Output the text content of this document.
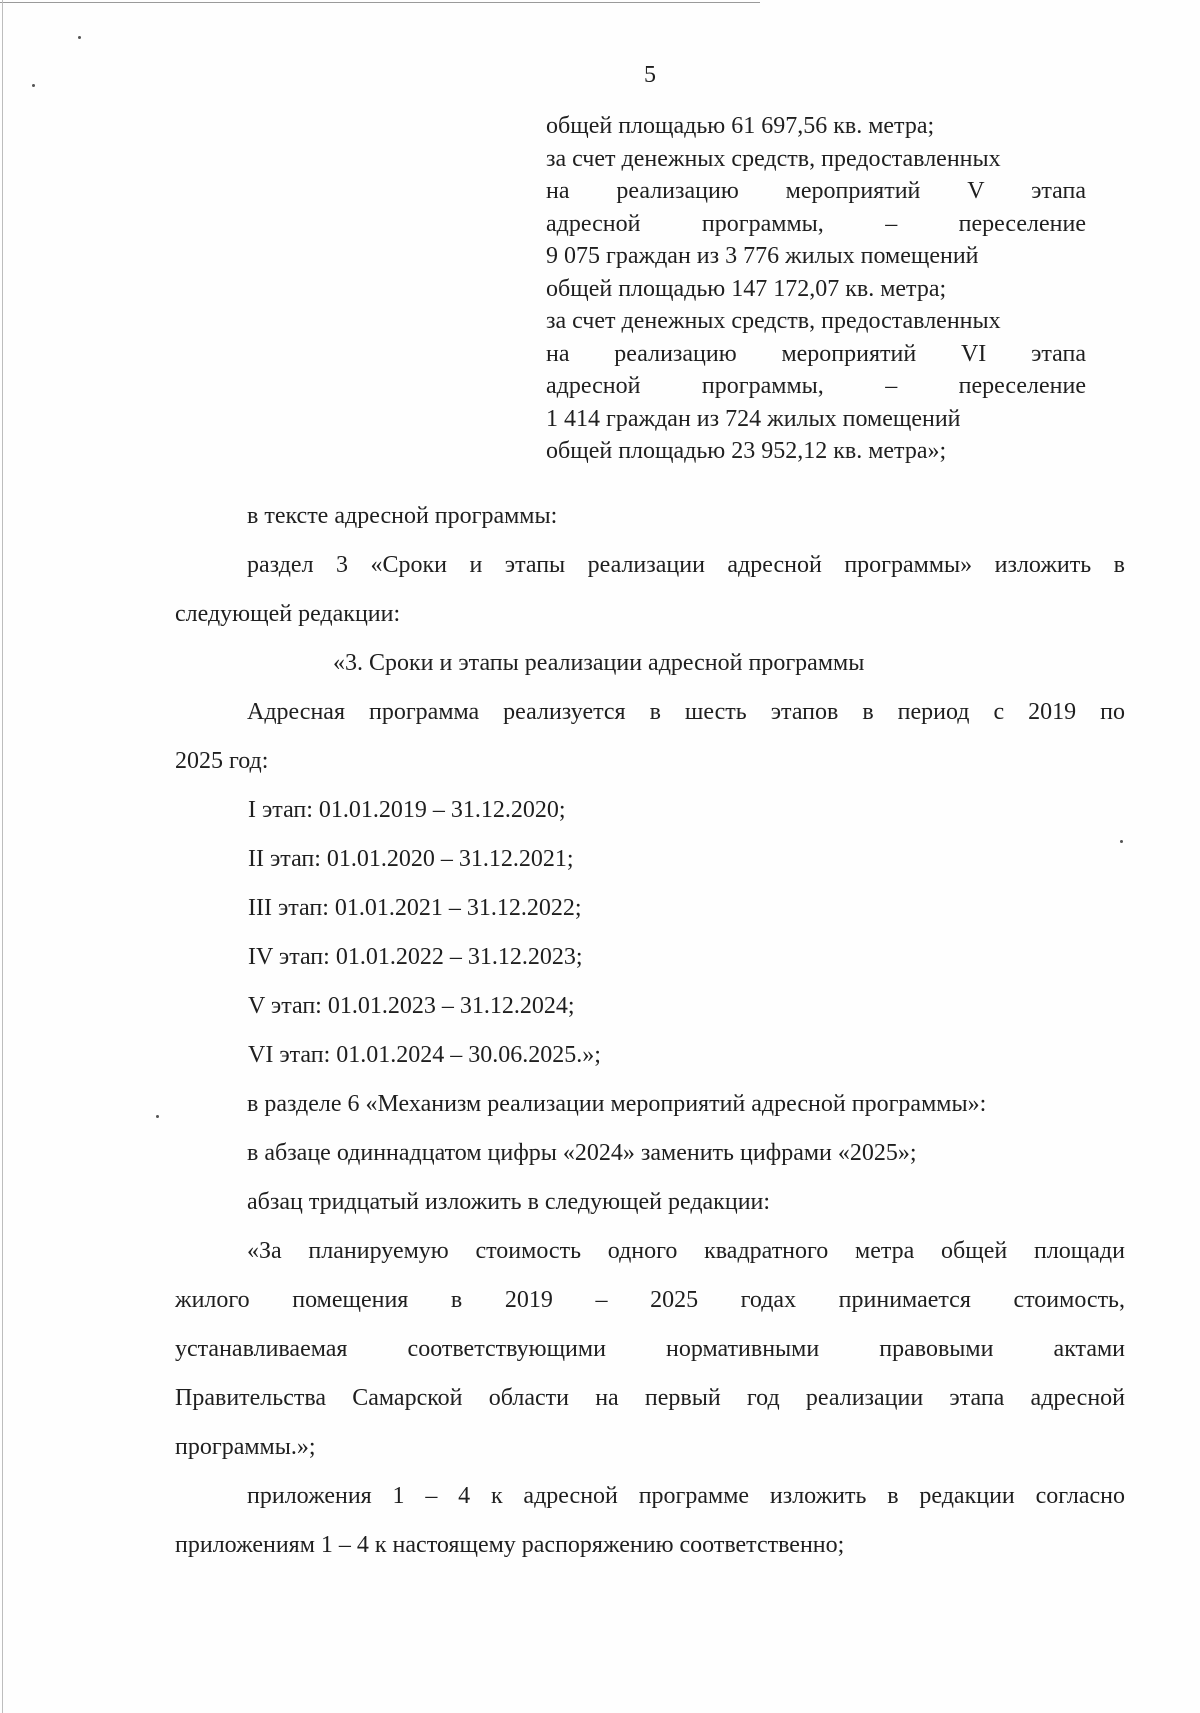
5
общей площадью 61 697,56 кв. метра;
за счет денежных средств, предоставленных
на реализацию мероприятий V этапа
адресной программы, – переселение
9 075 граждан из 3 776 жилых помещений
общей площадью 147 172,07 кв. метра;
за счет денежных средств, предоставленных
на реализацию мероприятий VI этапа
адресной программы, – переселение
1 414 граждан из 724 жилых помещений
общей площадью 23 952,12 кв. метра»;

в тексте адресной программы:

раздел 3 «Сроки и этапы реализации адресной программы» изложить в

следующей редакции:

«3. Сроки и этапы реализации адресной программы

Адресная программа реализуется в шесть этапов в период с 2019 по

2025 год:

I этап: 01.01.2019 – 31.12.2020;

II этап: 01.01.2020 – 31.12.2021;

III этап: 01.01.2021 – 31.12.2022;

IV этап: 01.01.2022 – 31.12.2023;

V этап: 01.01.2023 – 31.12.2024;

VI этап: 01.01.2024 – 30.06.2025.»;

в разделе 6 «Механизм реализации мероприятий адресной программы»:

в абзаце одиннадцатом цифры «2024» заменить цифрами «2025»;

абзац тридцатый изложить в следующей редакции:

«За планируемую стоимость одного квадратного метра общей площади

жилого помещения в 2019 – 2025 годах принимается стоимость,

устанавливаемая соответствующими нормативными правовыми актами

Правительства Самарской области на первый год реализации этапа адресной

программы.»;

приложения 1 – 4 к адресной программе изложить в редакции согласно

приложениям 1 – 4 к настоящему распоряжению соответственно;
